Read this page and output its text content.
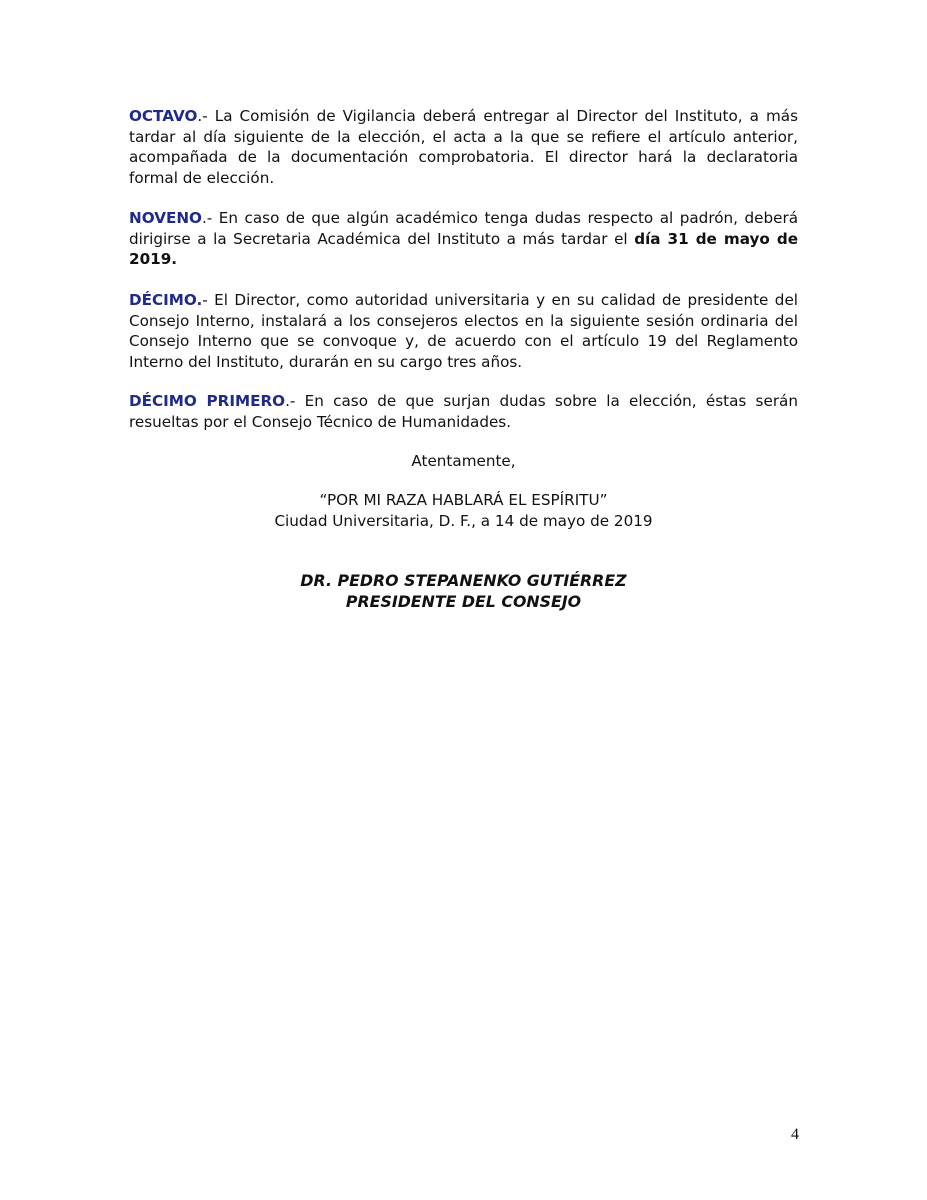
OCTAVO.- La Comisión de Vigilancia deberá entregar al Director del Instituto, a más tardar al día siguiente de la elección, el acta a la que se refiere el artículo anterior, acompañada de la documentación comprobatoria. El director hará la declaratoria formal de elección.

NOVENO.- En caso de que algún académico tenga dudas respecto al padrón, deberá dirigirse a la Secretaria Académica del Instituto a más tardar el día 31 de mayo de 2019.

DÉCIMO.- El Director, como autoridad universitaria y en su calidad de presidente del Consejo Interno, instalará a los consejeros electos en la siguiente sesión ordinaria del Consejo Interno que se convoque y, de acuerdo con el artículo 19 del Reglamento Interno del Instituto, durarán en su cargo tres años.

DÉCIMO PRIMERO.- En caso de que surjan dudas sobre la elección, éstas serán resueltas por el Consejo Técnico de Humanidades.

Atentamente,

“POR MI RAZA HABLARÁ EL ESPÍRITU”

Ciudad Universitaria, D. F., a 14 de mayo de 2019

DR. PEDRO STEPANENKO GUTIÉRREZ

PRESIDENTE DEL CONSEJO

4
